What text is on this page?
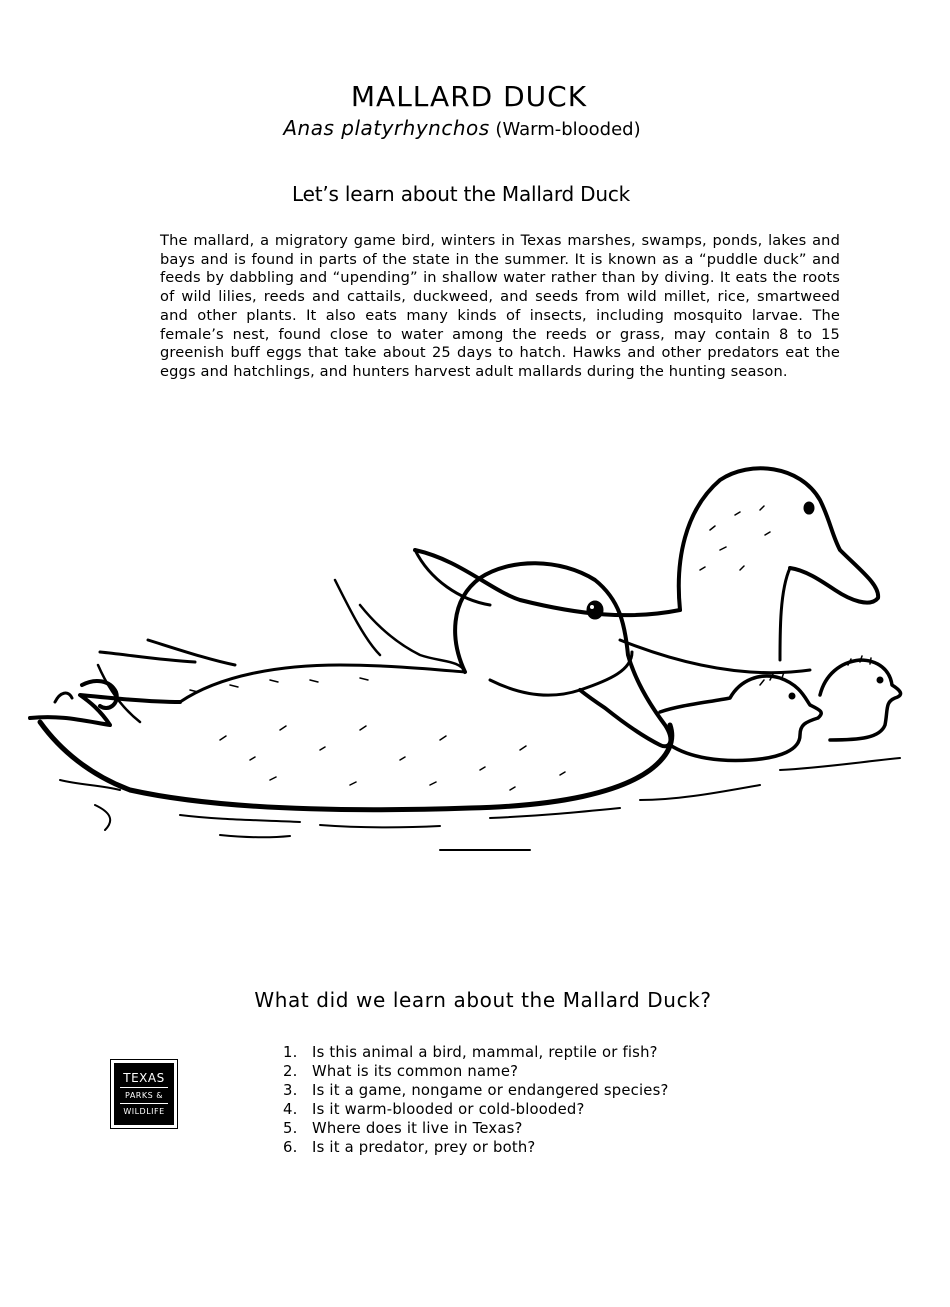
MALLARD DUCK
Anas platyrhynchos (Warm-blooded)
Let’s learn about the Mallard Duck

The mallard, a migratory game bird, winters in Texas marshes, swamps, ponds, lakes and bays and is found in parts of the state in the summer. It is known as a “puddle duck” and feeds by dabbling and “upending” in shallow water rather than by diving. It eats the roots of wild lilies, reeds and cattails, duckweed, and seeds from wild millet, rice, smartweed and other plants. It also eats many kinds of insects, including mosquito larvae. The female’s nest, found close to water among the reeds or grass, may contain 8 to 15 greenish buff eggs that take about 25 days to hatch. Hawks and other predators eat the eggs and hatchlings, and hunters harvest adult mallards during the hunting season.

What did we learn about the Mallard Duck?
1. Is this animal a bird, mammal, reptile or fish?
2. What is its common name?
3. Is it a game, nongame or endangered species?
4. Is it warm-blooded or cold-blooded?
5. Where does it live in Texas?
6. Is it a predator, prey or both?
TEXAS
PARKS &
WILDLIFE
